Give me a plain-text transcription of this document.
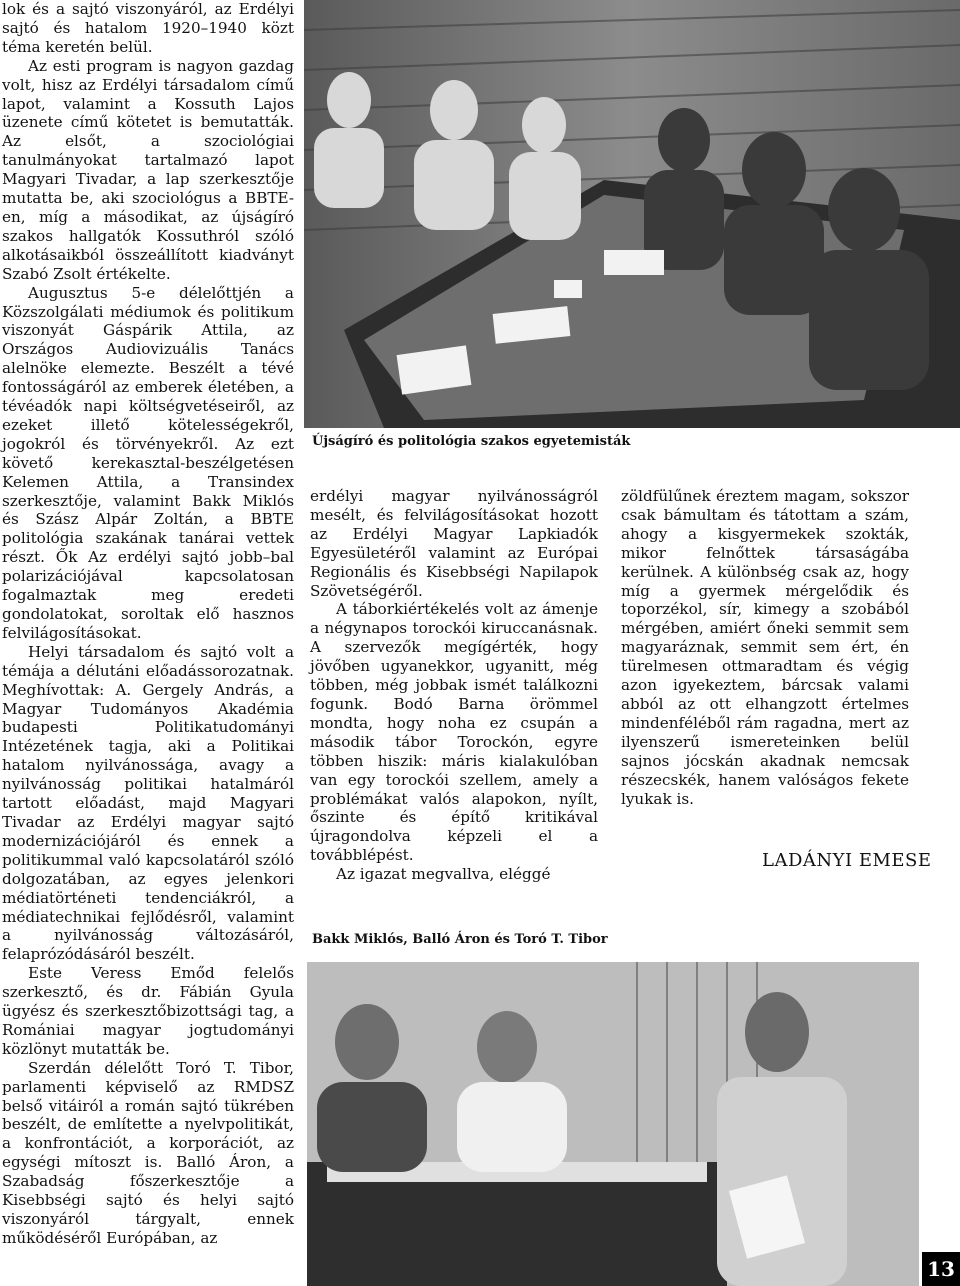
lok és a sajtó viszonyáról, az Erdélyi sajtó és hatalom 1920–1940 közt téma keretén belül.

Az esti program is nagyon gazdag volt, hisz az Erdélyi társadalom című lapot, valamint a Kossuth Lajos üzenete című kötetet is bemutatták. Az elsőt, a szociológiai tanulmányokat tartalmazó lapot Magyari Tivadar, a lap szerkesztője mutatta be, aki szociológus a BBTE-en, míg a másodikat, az újságíró szakos hallgatók Kossuthról szóló alkotásaikból összeállított kiadványt Szabó Zsolt értékelte.

Augusztus 5-e délelőttjén a Közszolgálati médiumok és politikum viszonyát Gáspárik Attila, az Országos Audiovizuális Tanács alelnöke elemezte. Beszélt a tévé fontosságáról az emberek életében, a tévéadók napi költségvetéseiről, az ezeket illető kötelességekről, jogokról és törvényekről. Az ezt követő kerekasztal-beszélgetésen Kelemen Attila, a Transindex szerkesztője, valamint Bakk Miklós és Szász Alpár Zoltán, a BBTE politológia szakának tanárai vettek részt. Ők Az erdélyi sajtó jobb–bal polarizációjával kapcsolatosan fogalmaztak meg eredeti gondolatokat, soroltak elő hasznos felvilágosításokat.

Helyi társadalom és sajtó volt a témája a délutáni előadássorozatnak. Meghívottak: A. Gergely András, a Magyar Tudományos Akadémia budapesti Politikatudományi Intézetének tagja, aki a Politikai hatalom nyilvánossága, avagy a nyilvánosság politikai hatalmáról tartott előadást, majd Magyari Tivadar az Erdélyi magyar sajtó modernizációjáról és ennek a politikummal való kapcsolatáról szóló dolgozatában, az egyes jelenkori médiatörténeti tendenciákról, a médiatechnikai fejlődésről, valamint a nyilvánosság változásáról, felaprózódásáról beszélt.

Este Veress Emőd felelős szerkesztő, és dr. Fábián Gyula ügyész és szerkesztőbizottsági tag, a Romániai magyar jogtudományi közlönyt mutatták be.

Szerdán délelőtt Toró T. Tibor, parlamenti képviselő az RMDSZ belső vitáiról a román sajtó tükrében beszélt, de említette a nyelvpolitikát, a konfrontációt, a korporációt, az egységi mítoszt is. Balló Áron, a Szabadság főszerkesztője a Kisebbségi sajtó és helyi sajtó viszonyáról tárgyalt, ennek működéséről Európában, az

Újságíró és politológia szakos egyetemisták

erdélyi magyar nyilvánosságról mesélt, és felvilágosításokat hozott az Erdélyi Magyar Lapkiadók Egyesületéről valamint az Európai Regionális és Kisebbségi Napilapok Szövetségéről.

A táborkiértékelés volt az ámenje a négynapos torockói kiruccanásnak. A szervezők megígérték, hogy jövőben ugyanekkor, ugyanitt, még többen, még jobbak ismét találkozni fogunk. Bodó Barna örömmel mondta, hogy noha ez csupán a második tábor Torockón, egyre többen hiszik: máris kialakulóban van egy torockói szellem, amely a problémákat valós alapokon, nyílt, őszinte és építő kritikával újragondolva képzeli el a továbblépést.

Az igazat megvallva, eléggé

zöldfülűnek éreztem magam, sokszor csak bámultam és tátottam a szám, ahogy a kisgyermekek szokták, mikor felnőttek társaságába kerülnek. A különbség csak az, hogy míg a gyermek mérgelődik és toporzékol, sír, kimegy a szobából mérgében, amiért őneki semmit sem magyaráznak, semmit sem ért, én türelmesen ottmaradtam és végig azon igyekeztem, bárcsak valami abból az ott elhangzott értelmes mindenféléből rám ragadna, mert az ilyenszerű ismereteinken belül sajnos jócskán akadnak nemcsak részecskék, hanem valóságos fekete lyukak is.

LADÁNYI EMESE
Bakk Miklós, Balló Áron és Toró T. Tibor
13
